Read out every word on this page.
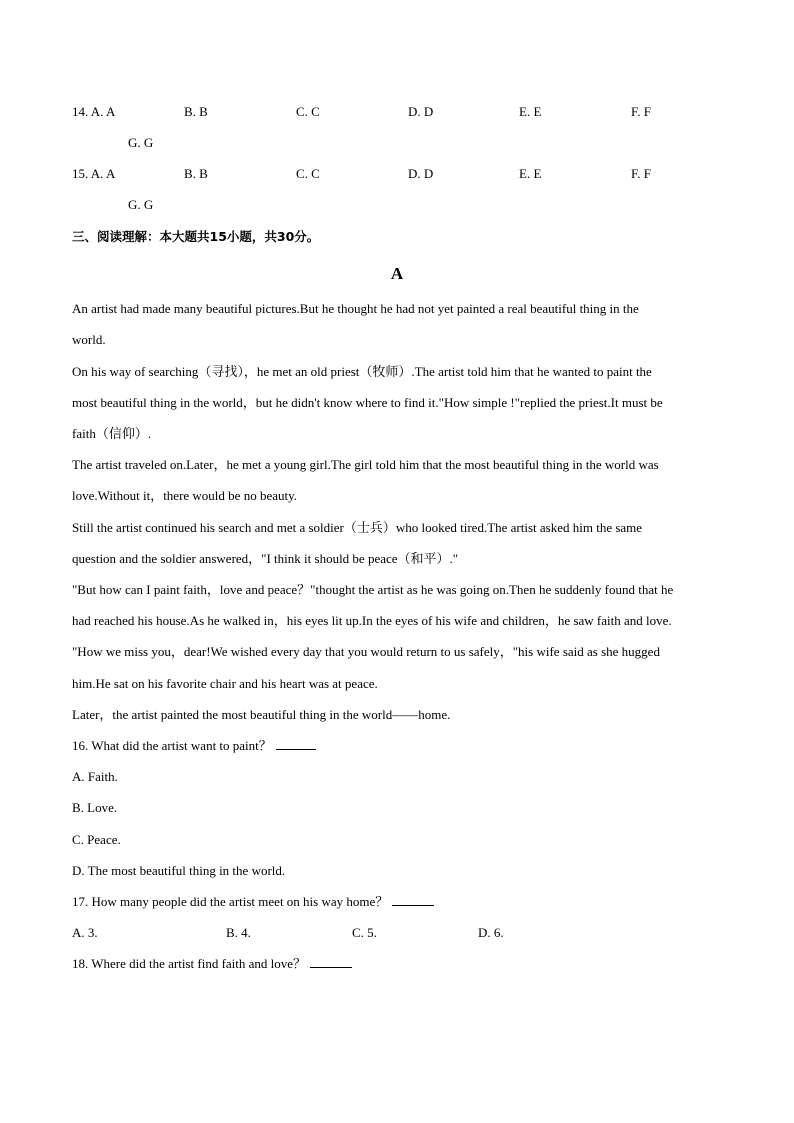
14. A. A	B. B	C. C	D. D	E. E	F. F
G. G
15. A. A	B. B	C. C	D. D	E. E	F. F
G. G
三、阅读理解：本大题共15小题，共30分。
A
An artist had made many beautiful pictures.But he thought he had not yet painted a real beautiful thing in the
world.
On his way of searching（寻找），he met an old priest（牧师）.The artist told him that he wanted to paint the
most beautiful thing in the world，but he didn't know where to find it."How simple !"replied the priest.It must be
faith（信仰）.
The artist traveled on.Later，he met a young girl.The girl told him that the most beautiful thing in the world was
love.Without it，there would be no beauty.
Still the artist continued his search and met a soldier（士兵）who looked tired.The artist asked him the same
question and the soldier answered，"I think it should be peace（和平）."
"But how can I paint faith，love and peace？"thought the artist as he was going on.Then he suddenly found that he
had reached his house.As he walked in，his eyes lit up.In the eyes of his wife and children，he saw faith and love.
"How we miss you，dear!We wished every day that you would return to us safely，"his wife said as she hugged
him.He sat on his favorite chair and his heart was at peace.
Later，the artist painted the most beautiful thing in the world——home.
16. What did the artist want to paint？
A. Faith.
B. Love.
C. Peace.
D. The most beautiful thing in the world.
17. How many people did the artist meet on his way home？
A. 3.	B. 4.	C. 5.	D. 6.
18. Where did the artist find faith and love？
